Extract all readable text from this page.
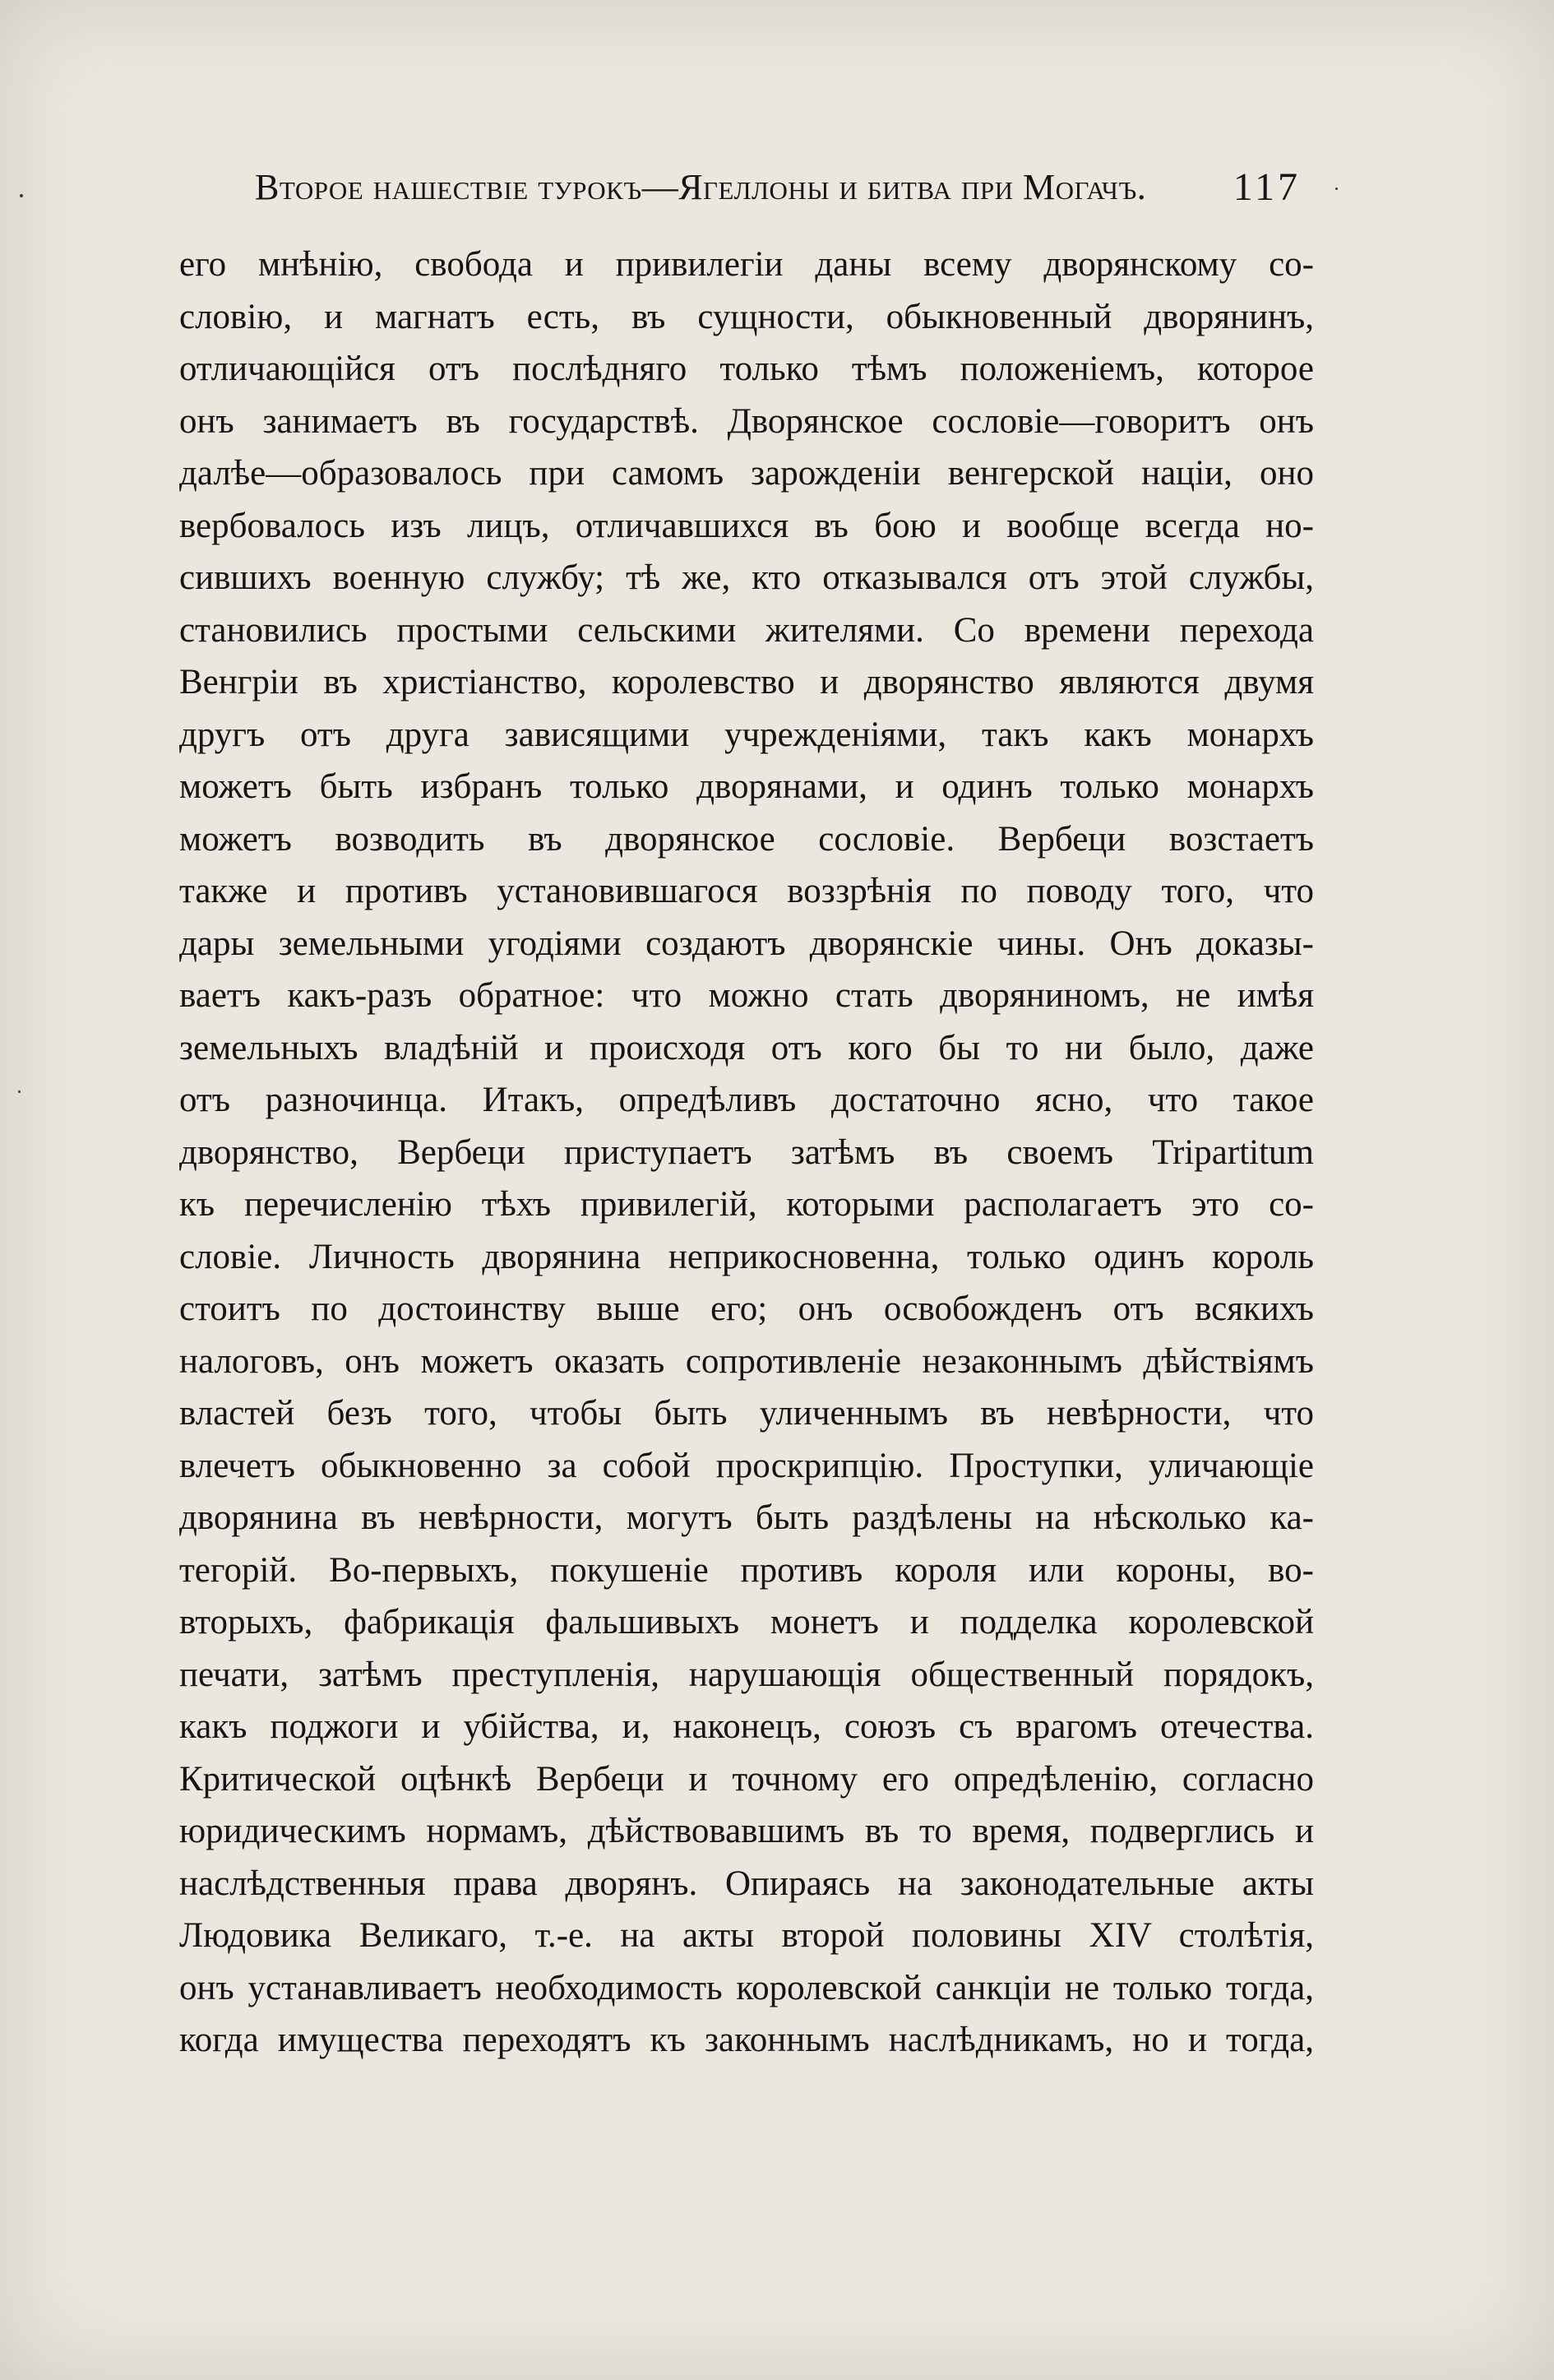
Второе нашествіе турокъ—Ягеллоны и битва при Могачъ. 117
его мнѣнію, свобода и привилегіи даны всему дворянскому со-
словію, и магнатъ есть, въ сущности, обыкновенный дворянинъ,
отличающійся отъ послѣдняго только тѣмъ положеніемъ, которое
онъ занимаетъ въ государствѣ. Дворянское сословіе—говоритъ онъ
далѣе—образовалось при самомъ зарожденіи венгерской націи, оно
вербовалось изъ лицъ, отличавшихся въ бою и вообще всегда но-
сившихъ военную службу; тѣ же, кто отказывался отъ этой службы,
становились простыми сельскими жителями. Со времени перехода
Венгріи въ христіанство, королевство и дворянство являются двумя
другъ отъ друга зависящими учрежденіями, такъ какъ монархъ
можетъ быть избранъ только дворянами, и одинъ только монархъ
можетъ возводить въ дворянское сословіе. Вербеци возстаетъ
также и противъ установившагося воззрѣнія по поводу того, что
дары земельными угодіями создаютъ дворянскіе чины. Онъ доказы-
ваетъ какъ-разъ обратное: что можно стать дворяниномъ, не имѣя
земельныхъ владѣній и происходя отъ кого бы то ни было, даже
отъ разночинца. Итакъ, опредѣливъ достаточно ясно, что такое
дворянство, Вербеци приступаетъ затѣмъ въ своемъ Tripartitum
къ перечисленію тѣхъ привилегій, которыми располагаетъ это со-
словіе. Личность дворянина неприкосновенна, только одинъ король
стоитъ по достоинству выше его; онъ освобожденъ отъ всякихъ
налоговъ, онъ можетъ оказать сопротивленіе незаконнымъ дѣйствіямъ
властей безъ того, чтобы быть уличеннымъ въ невѣрности, что
влечетъ обыкновенно за собой проскрипцію. Проступки, уличающіе
дворянина въ невѣрности, могутъ быть раздѣлены на нѣсколько ка-
тегорій. Во-первыхъ, покушеніе противъ короля или короны, во-
вторыхъ, фабрикація фальшивыхъ монетъ и подделка королевской
печати, затѣмъ преступленія, нарушающія общественный порядокъ,
какъ поджоги и убійства, и, наконецъ, союзъ съ врагомъ отечества.
Критической оцѣнкѣ Вербеци и точному его опредѣленію, согласно
юридическимъ нормамъ, дѣйствовавшимъ въ то время, подверглись и
наслѣдственныя права дворянъ. Опираясь на законодательные акты
Людовика Великаго, т.-е. на акты второй половины XIV столѣтія,
онъ устанавливаетъ необходимость королевской санкціи не только тогда,
когда имущества переходятъ къ законнымъ наслѣдникамъ, но и тогда,
